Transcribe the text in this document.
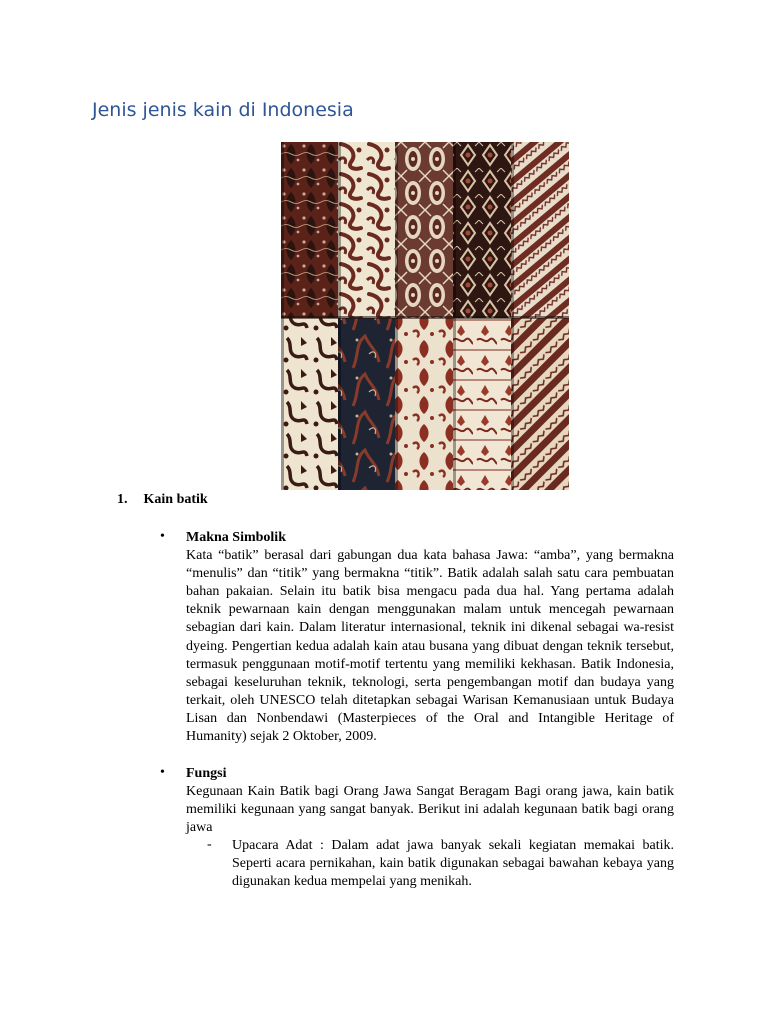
Jenis jenis kain di Indonesia
1. Kain batik
• Makna Simbolik

Kata “batik” berasal dari gabungan dua kata bahasa Jawa: “amba”, yang bermakna “menulis” dan “titik” yang bermakna “titik”. Batik adalah salah satu cara pembuatan bahan pakaian. Selain itu batik bisa mengacu pada dua hal. Yang pertama adalah teknik pewarnaan kain dengan menggunakan malam untuk mencegah pewarnaan sebagian dari kain. Dalam literatur internasional, teknik ini dikenal sebagai wa-resist dyeing. Pengertian kedua adalah kain atau busana yang dibuat dengan teknik tersebut, termasuk penggunaan motif-motif tertentu yang memiliki kekhasan. Batik Indonesia, sebagai keseluruhan teknik, teknologi, serta pengembangan motif dan budaya yang terkait, oleh UNESCO telah ditetapkan sebagai Warisan Kemanusiaan untuk Budaya Lisan dan Nonbendawi (Masterpieces of the Oral and Intangible Heritage of Humanity) sejak 2 Oktober, 2009.

• Fungsi

Kegunaan Kain Batik bagi Orang Jawa Sangat Beragam Bagi orang jawa, kain batik memiliki kegunaan yang sangat banyak. Berikut ini adalah kegunaan batik bagi orang jawa

- Upacara Adat : Dalam adat jawa banyak sekali kegiatan memakai batik. Seperti acara pernikahan, kain batik digunakan sebagai bawahan kebaya yang digunakan kedua mempelai yang menikah.
